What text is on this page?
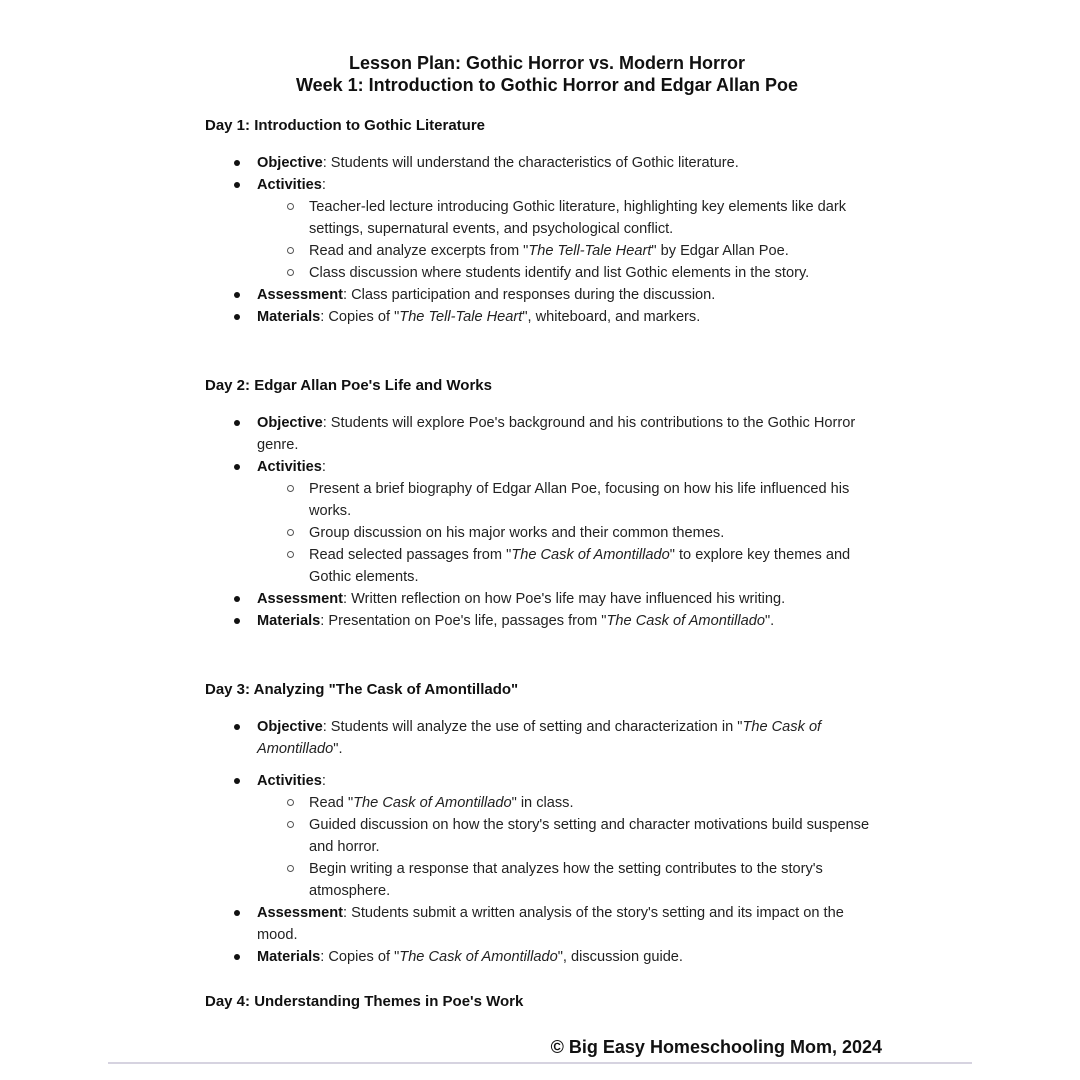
Lesson Plan: Gothic Horror vs. Modern Horror
Week 1: Introduction to Gothic Horror and Edgar Allan Poe
Day 1: Introduction to Gothic Literature
Objective: Students will understand the characteristics of Gothic literature.
Activities:
Teacher-led lecture introducing Gothic literature, highlighting key elements like dark settings, supernatural events, and psychological conflict.
Read and analyze excerpts from "The Tell-Tale Heart" by Edgar Allan Poe.
Class discussion where students identify and list Gothic elements in the story.
Assessment: Class participation and responses during the discussion.
Materials: Copies of "The Tell-Tale Heart", whiteboard, and markers.
Day 2: Edgar Allan Poe's Life and Works
Objective: Students will explore Poe's background and his contributions to the Gothic Horror genre.
Activities:
Present a brief biography of Edgar Allan Poe, focusing on how his life influenced his works.
Group discussion on his major works and their common themes.
Read selected passages from "The Cask of Amontillado" to explore key themes and Gothic elements.
Assessment: Written reflection on how Poe's life may have influenced his writing.
Materials: Presentation on Poe's life, passages from "The Cask of Amontillado".
Day 3: Analyzing "The Cask of Amontillado"
Objective: Students will analyze the use of setting and characterization in "The Cask of Amontillado".
Activities:
Read "The Cask of Amontillado" in class.
Guided discussion on how the story's setting and character motivations build suspense and horror.
Begin writing a response that analyzes how the setting contributes to the story's atmosphere.
Assessment: Students submit a written analysis of the story's setting and its impact on the mood.
Materials: Copies of "The Cask of Amontillado", discussion guide.
Day 4: Understanding Themes in Poe's Work
© Big Easy Homeschooling Mom, 2024
